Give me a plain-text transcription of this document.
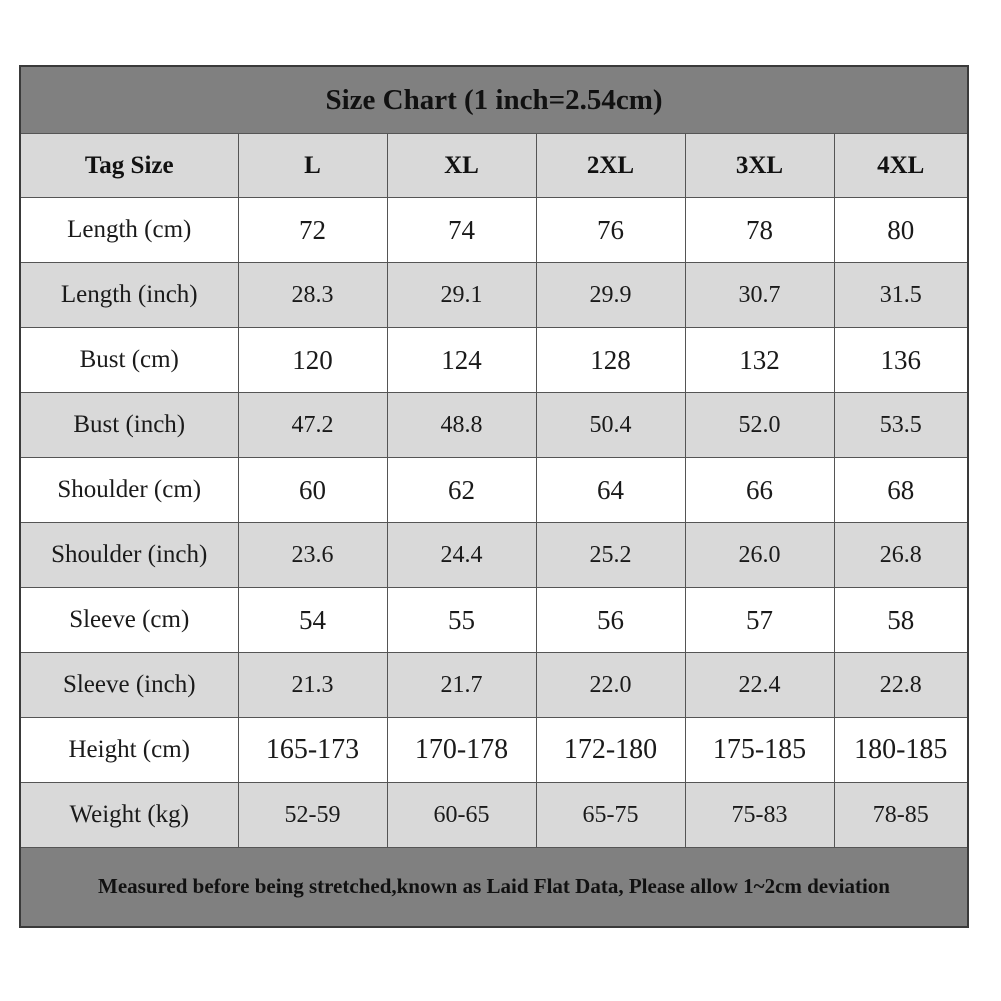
Size Chart (1 inch=2.54cm)					
Tag Size	L	XL	2XL	3XL	4XL
Length (cm)	72	74	76	78	80
Length (inch)	28.3	29.1	29.9	30.7	31.5
Bust (cm)	120	124	128	132	136
Bust (inch)	47.2	48.8	50.4	52.0	53.5
Shoulder (cm)	60	62	64	66	68
Shoulder (inch)	23.6	24.4	25.2	26.0	26.8
Sleeve (cm)	54	55	56	57	58
Sleeve (inch)	21.3	21.7	22.0	22.4	22.8
Height (cm)	165-173	170-178	172-180	175-185	180-185
Weight (kg)	52-59	60-65	65-75	75-83	78-85
Measured before being stretched,known as Laid Flat Data, Please allow 1~2cm deviation					
